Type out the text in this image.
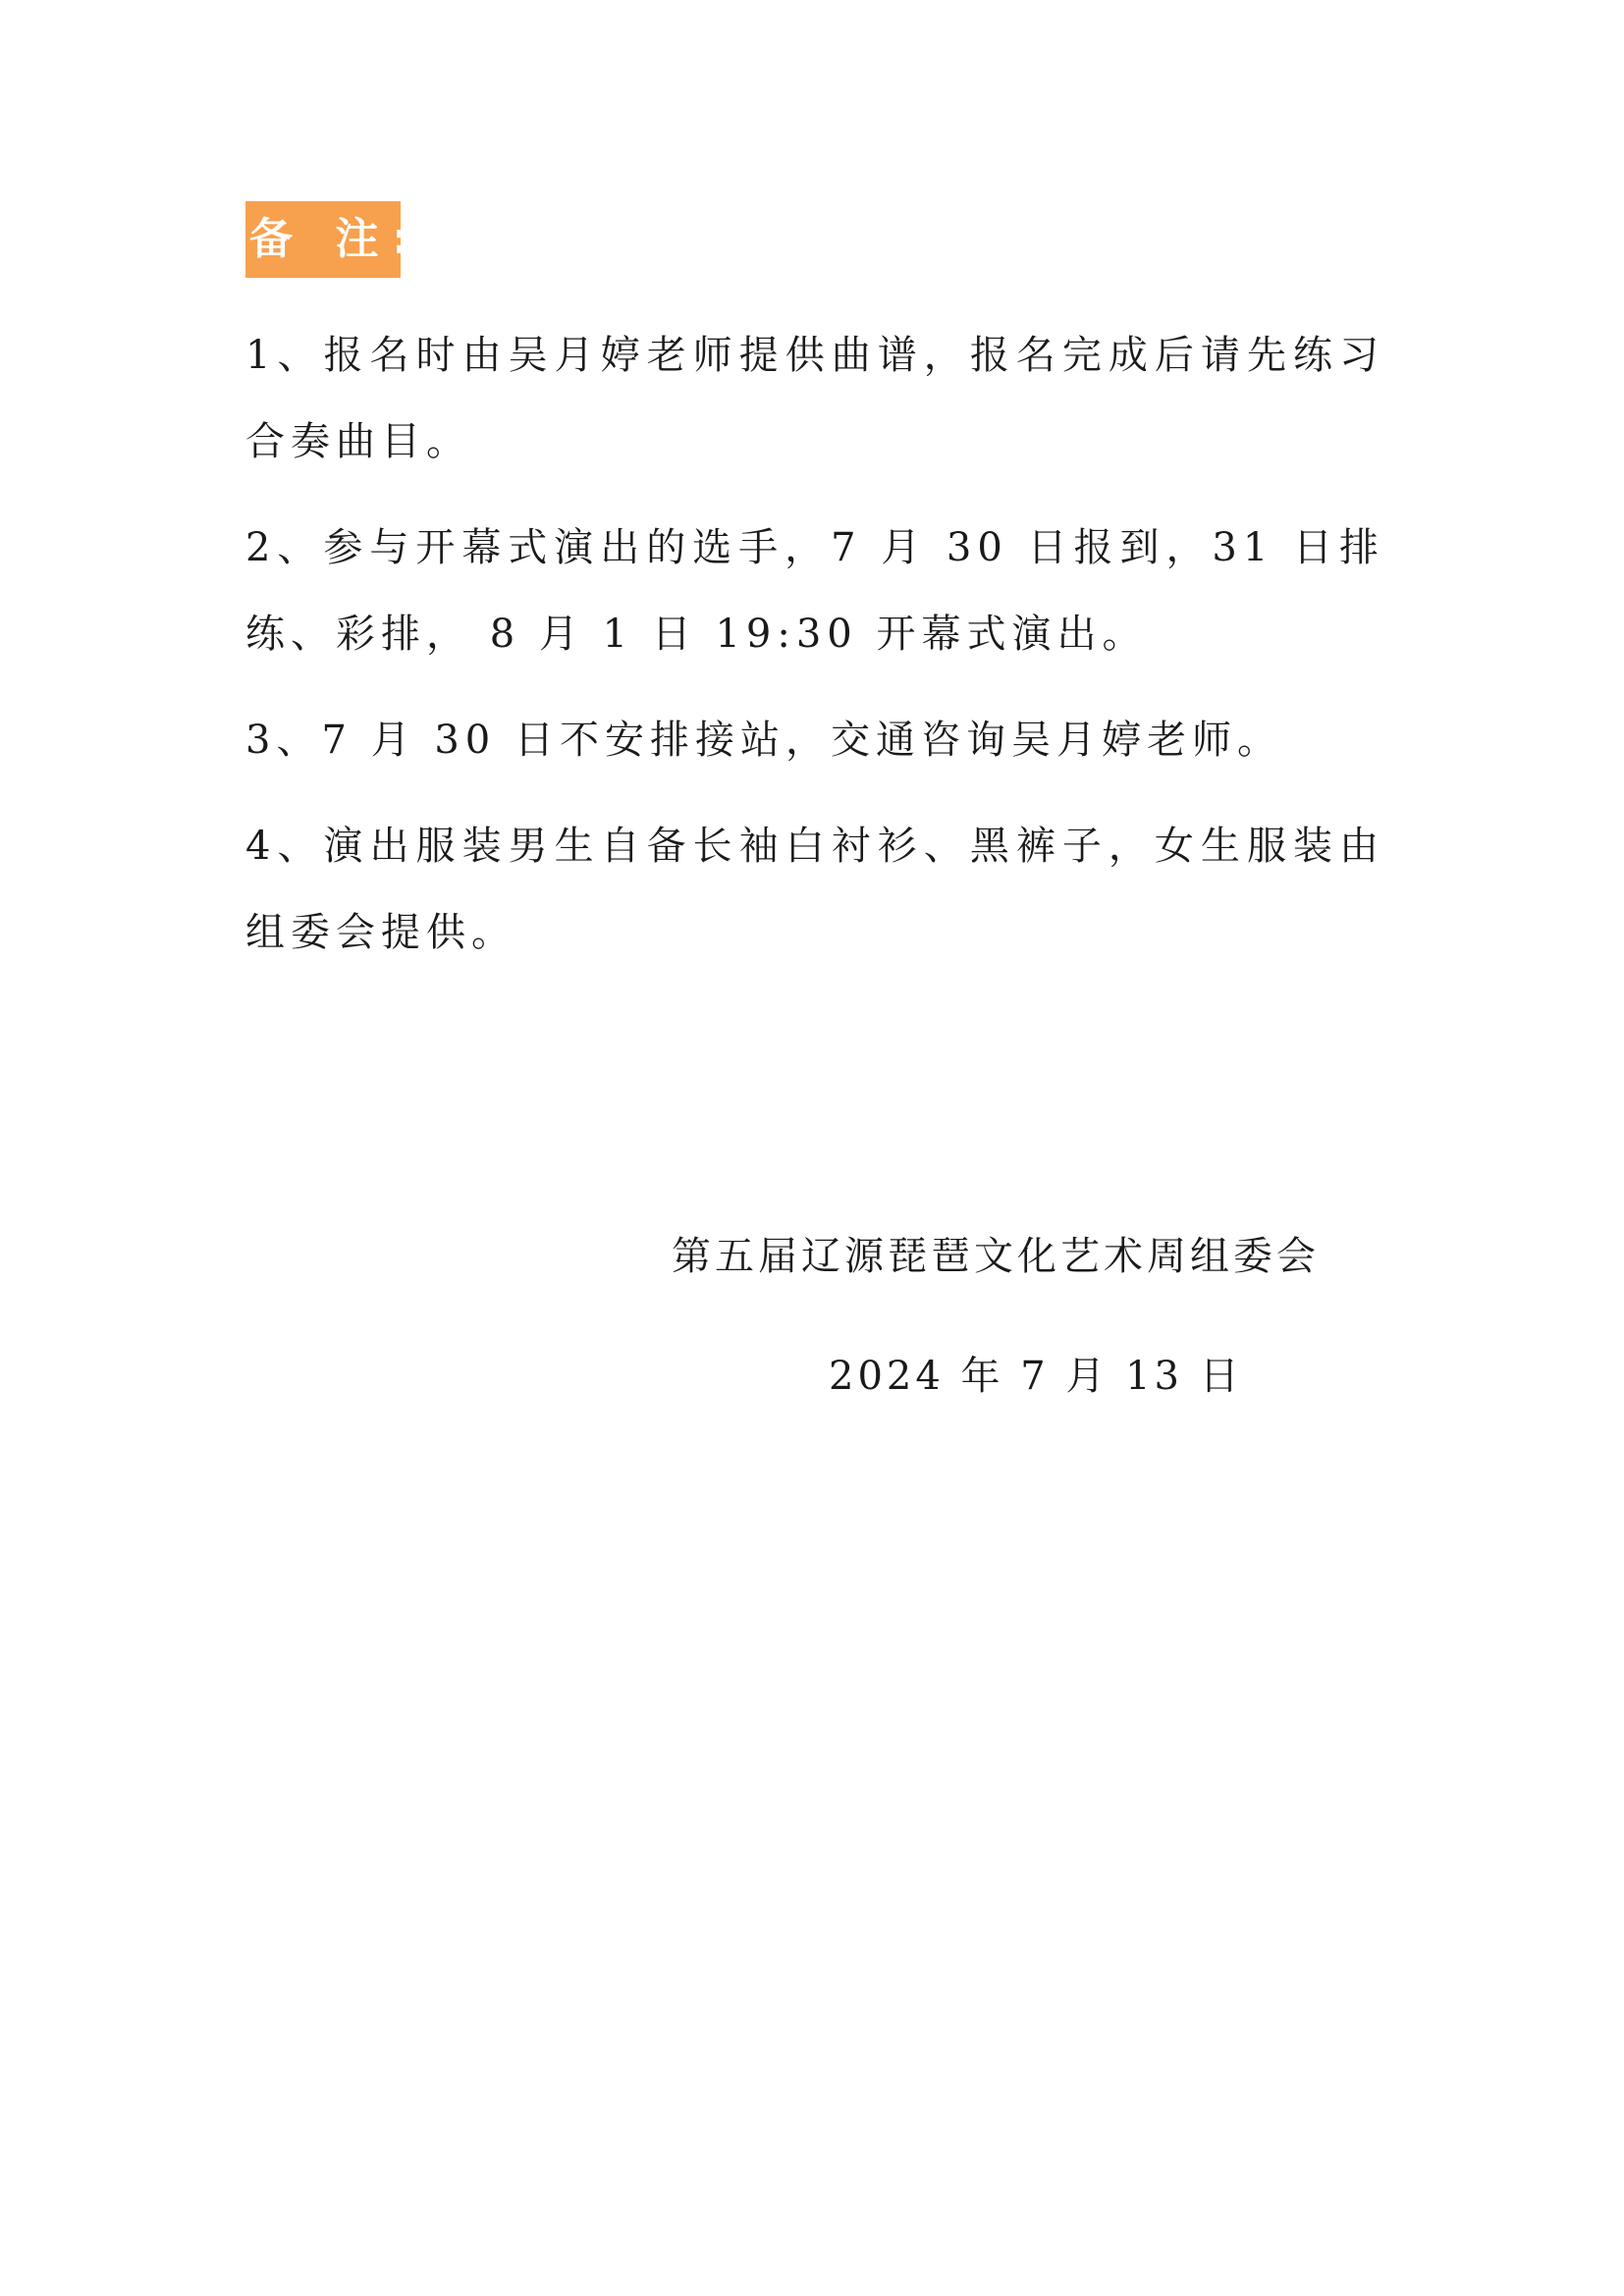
备 注:
1、报名时由吴月婷老师提供曲谱，报名完成后请先练习合奏曲目。
2、参与开幕式演出的选手，7 月 30 日报到，31 日排练、彩排， 8 月 1 日 19:30 开幕式演出。
3、7 月 30 日不安排接站，交通咨询吴月婷老师。
4、演出服装男生自备长袖白衬衫、黑裤子，女生服装由组委会提供。
第五届辽源琵琶文化艺术周组委会
2024 年 7 月 13 日
